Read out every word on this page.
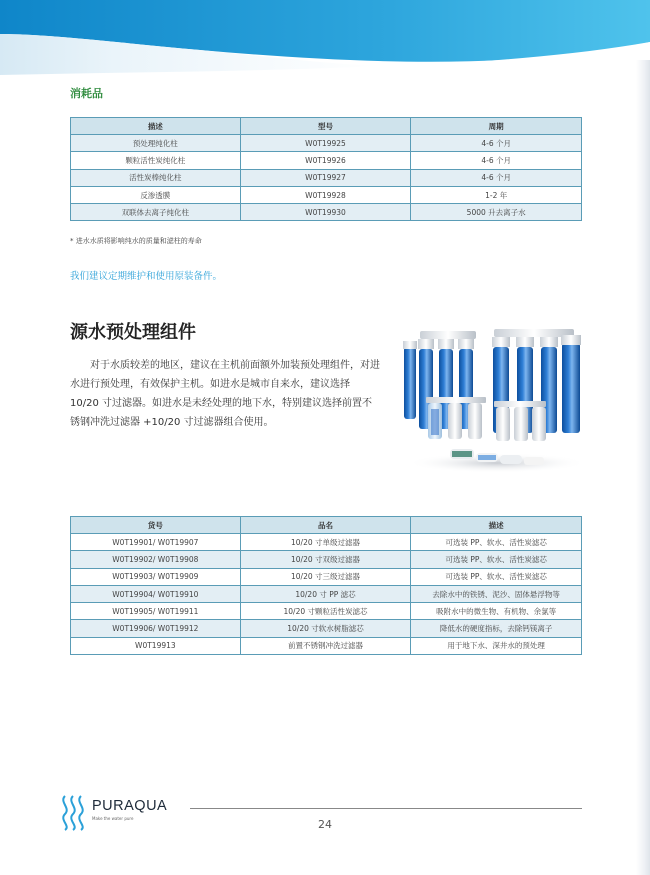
消耗品
描述	型号	周期
预处理纯化柱	W0T19925	4-6 个月
颗粒活性炭纯化柱	W0T19926	4-6 个月
活性炭棒纯化柱	W0T19927	4-6 个月
反渗透膜	W0T19928	1-2 年
双联体去离子纯化柱	W0T19930	5000 升去离子水

* 进水水质将影响纯水的质量和滤柱的寿命

我们建议定期维护和使用原装备件。

源水预处理组件

对于水质较差的地区，建议在主机前面额外加装预处理组件，对进水进行预处理，有效保护主机。如进水是城市自来水，建议选择 10/20 寸过滤器。如进水是未经处理的地下水，特别建议选择前置不锈钢冲洗过滤器 +10/20 寸过滤器组合使用。

PURAQUA

Make the water pure	24

货号	品名	描述
W0T19901/ W0T19907	10/20 寸单级过滤器	可选装 PP、软水、活性炭滤芯
W0T19902/ W0T19908	10/20 寸双级过滤器	可选装 PP、软水、活性炭滤芯
W0T19903/ W0T19909	10/20 寸三级过滤器	可选装 PP、软水、活性炭滤芯
W0T19904/ W0T19910	10/20 寸 PP 滤芯	去除水中的铁锈、泥沙、固体悬浮物等
W0T19905/ W0T19911	10/20 寸颗粒活性炭滤芯	吸附水中的微生物、有机物、余氯等
W0T19906/ W0T19912	10/20 寸软水树脂滤芯	降低水的硬度指标，去除钙镁离子
W0T19913	前置不锈钢冲洗过滤器	用于地下水、深井水的预处理
